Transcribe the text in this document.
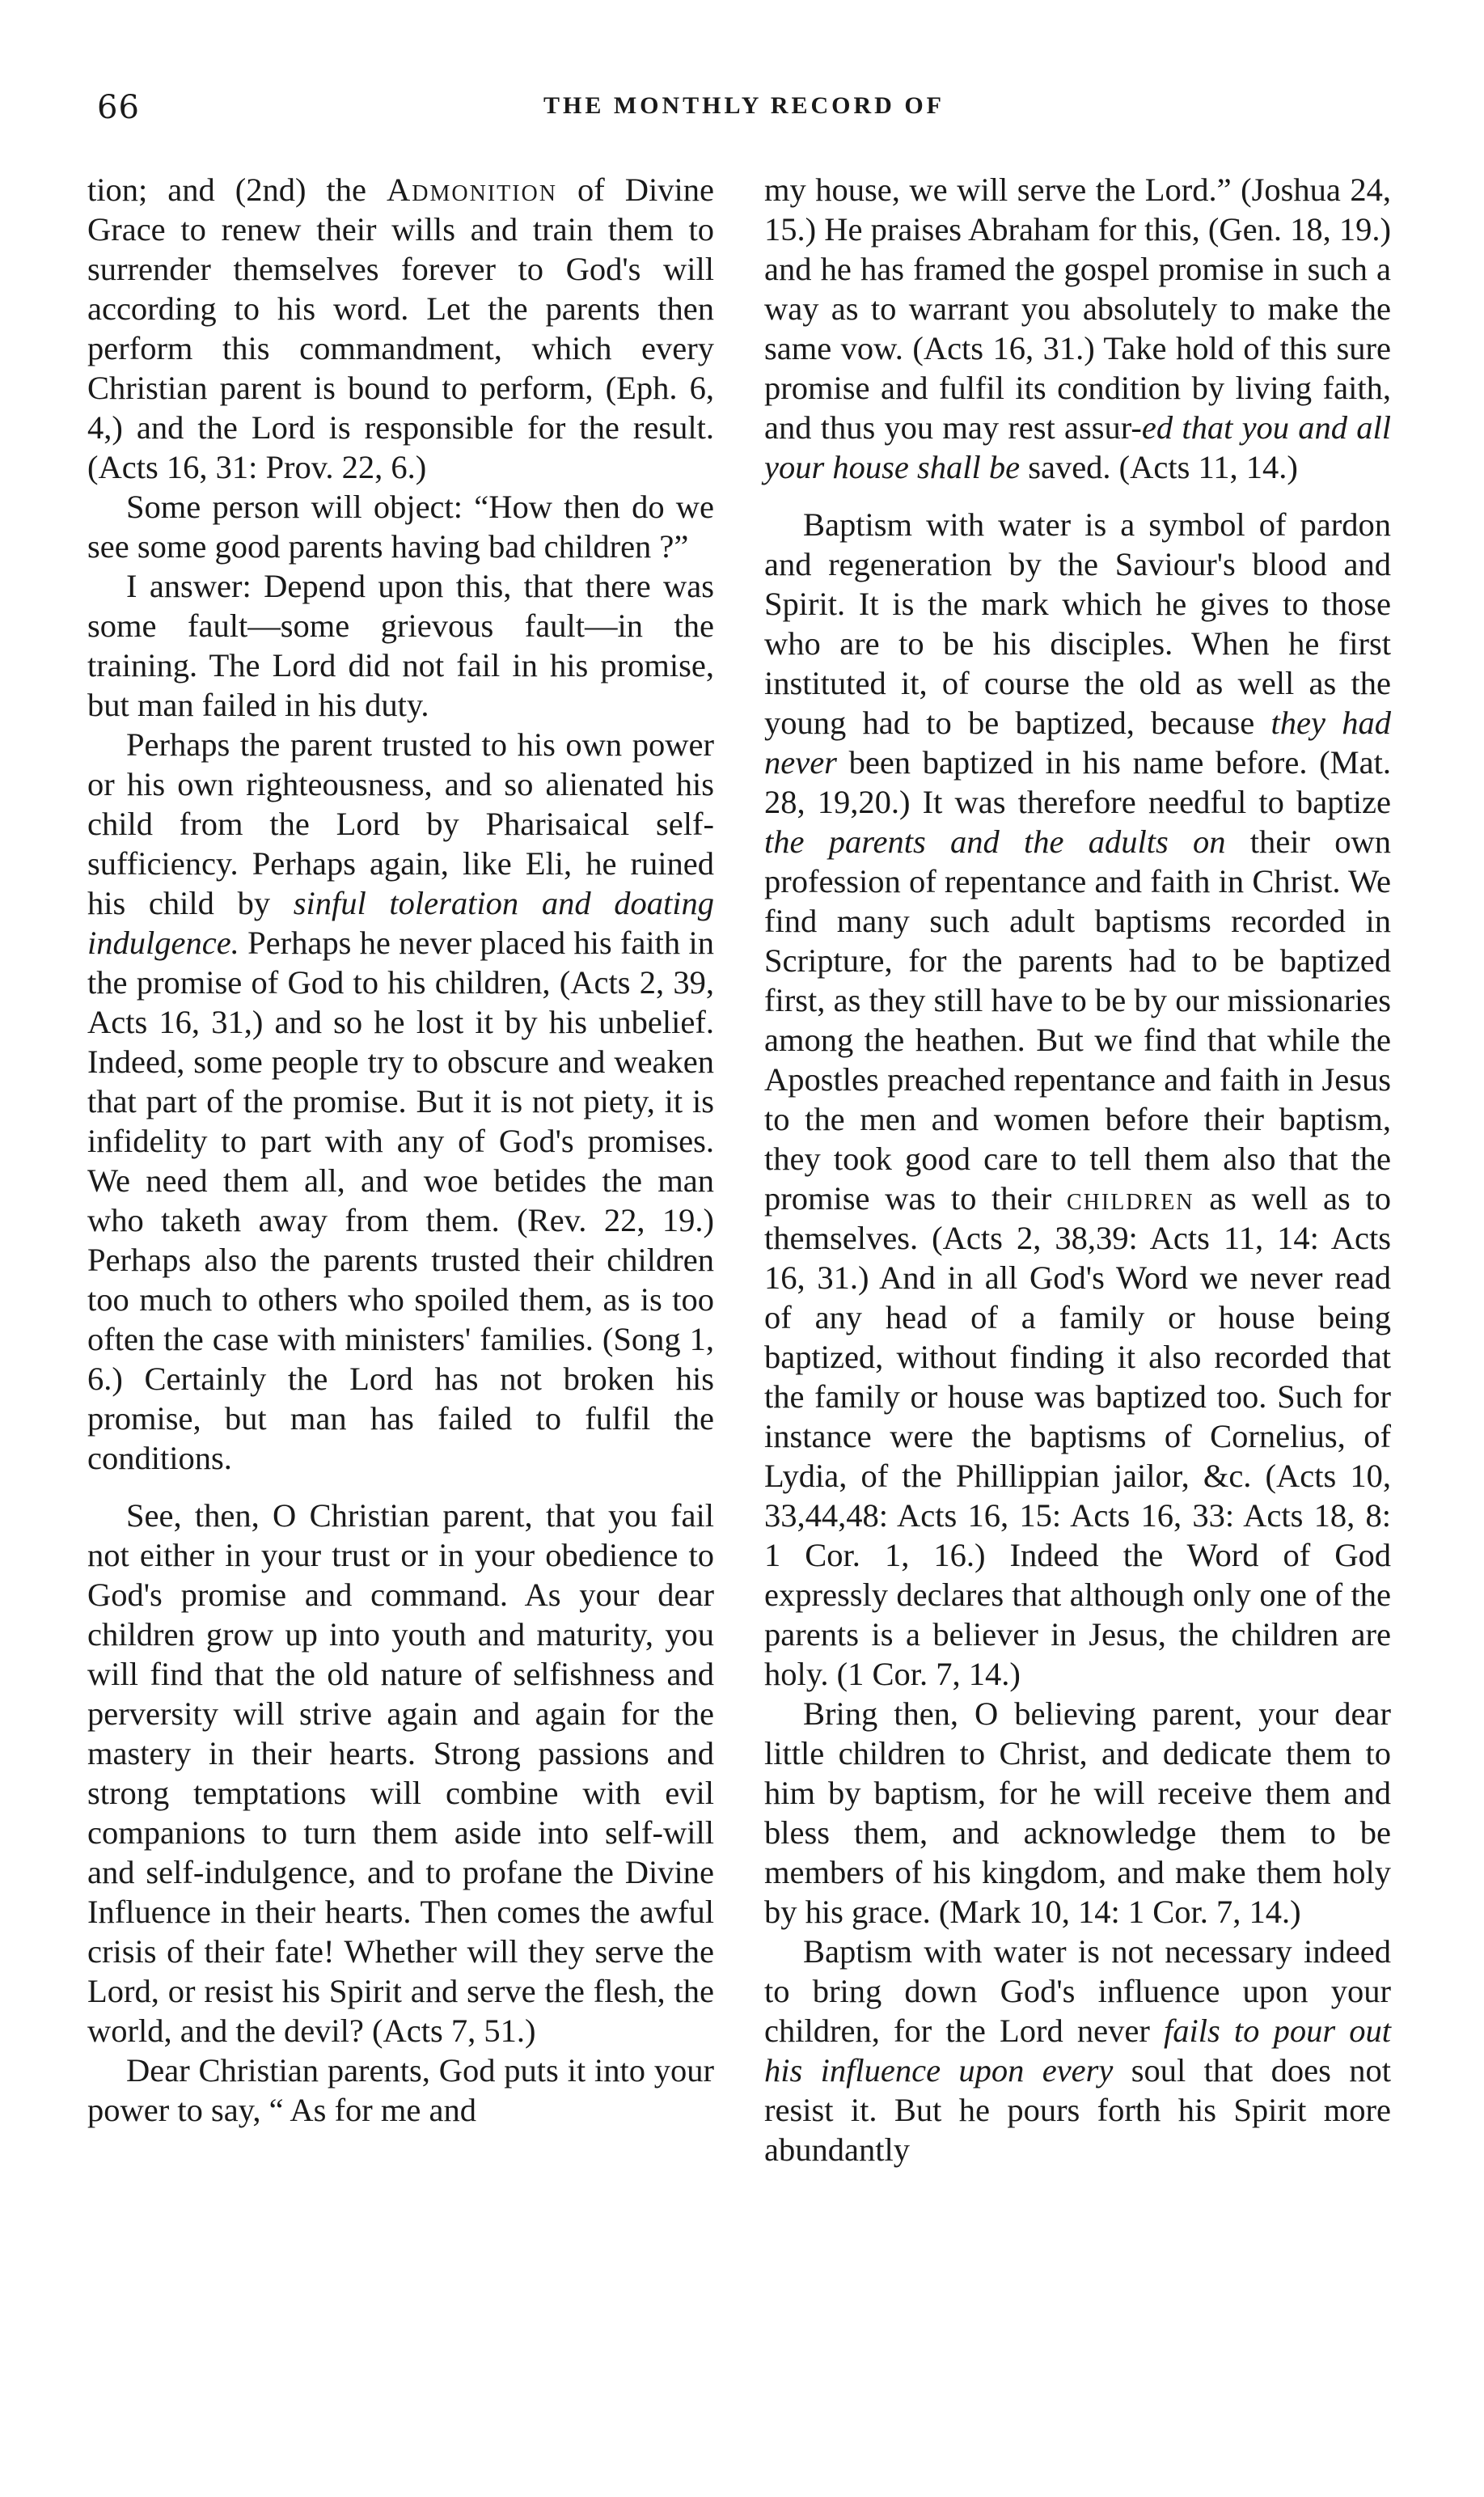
66	THE MONTHLY RECORD OF

tion; and (2nd) the Admonition of Divine Grace to renew their wills and train them to surrender themselves forever to God's will according to his word. Let the parents then perform this commandment, which every Christian parent is bound to perform, (Eph. 6, 4,) and the Lord is responsible for the result. (Acts 16, 31: Prov. 22, 6.)

Some person will object: “How then do we see some good parents having bad children ?”

I answer: Depend upon this, that there was some fault—some grievous fault—in the training. The Lord did not fail in his promise, but man failed in his duty.

Perhaps the parent trusted to his own power or his own righteousness, and so alienated his child from the Lord by Pharisaical self-sufficiency. Perhaps again, like Eli, he ruined his child by sinful toleration and doating indulgence. Perhaps he never placed his faith in the promise of God to his children, (Acts 2, 39, Acts 16, 31,) and so he lost it by his unbelief. Indeed, some people try to obscure and weaken that part of the promise. But it is not piety, it is infidelity to part with any of God's promises. We need them all, and woe betides the man who taketh away from them. (Rev. 22, 19.) Perhaps also the parents trusted their children too much to others who spoiled them, as is too often the case with ministers' families. (Song 1, 6.) Certainly the Lord has not broken his promise, but man has failed to fulfil the conditions.

See, then, O Christian parent, that you fail not either in your trust or in your obedience to God's promise and command. As your dear children grow up into youth and maturity, you will find that the old nature of selfishness and perversity will strive again and again for the mastery in their hearts. Strong passions and strong temptations will combine with evil companions to turn them aside into self-will and self-indulgence, and to profane the Divine Influence in their hearts. Then comes the awful crisis of their fate! Whether will they serve the Lord, or resist his Spirit and serve the flesh, the world, and the devil? (Acts 7, 51.)

Dear Christian parents, God puts it into your power to say, “ As for me and

my house, we will serve the Lord.” (Joshua 24, 15.) He praises Abraham for this, (Gen. 18, 19.) and he has framed the gospel promise in such a way as to warrant you absolutely to make the same vow. (Acts 16, 31.) Take hold of this sure promise and fulfil its condition by living faith, and thus you may rest assur-ed that you and all your house shall be saved. (Acts 11, 14.)

Baptism with water is a symbol of pardon and regeneration by the Saviour's blood and Spirit. It is the mark which he gives to those who are to be his disciples. When he first instituted it, of course the old as well as the young had to be baptized, because they had never been baptized in his name before. (Mat. 28, 19,20.) It was therefore needful to baptize the parents and the adults on their own profession of repentance and faith in Christ. We find many such adult baptisms recorded in Scripture, for the parents had to be baptized first, as they still have to be by our missionaries among the heathen. But we find that while the Apostles preached repentance and faith in Jesus to the men and women before their baptism, they took good care to tell them also that the promise was to their children as well as to themselves. (Acts 2, 38,39: Acts 11, 14: Acts 16, 31.) And in all God's Word we never read of any head of a family or house being baptized, without finding it also recorded that the family or house was baptized too. Such for instance were the baptisms of Cornelius, of Lydia, of the Phillippian jailor, &c. (Acts 10, 33,44,48: Acts 16, 15: Acts 16, 33: Acts 18, 8: 1 Cor. 1, 16.) Indeed the Word of God expressly declares that although only one of the parents is a believer in Jesus, the children are holy. (1 Cor. 7, 14.)

Bring then, O believing parent, your dear little children to Christ, and dedicate them to him by baptism, for he will receive them and bless them, and acknowledge them to be members of his kingdom, and make them holy by his grace. (Mark 10, 14: 1 Cor. 7, 14.)

Baptism with water is not necessary indeed to bring down God's influence upon your children, for the Lord never fails to pour out his influence upon every soul that does not resist it. But he pours forth his Spirit more abundantly
